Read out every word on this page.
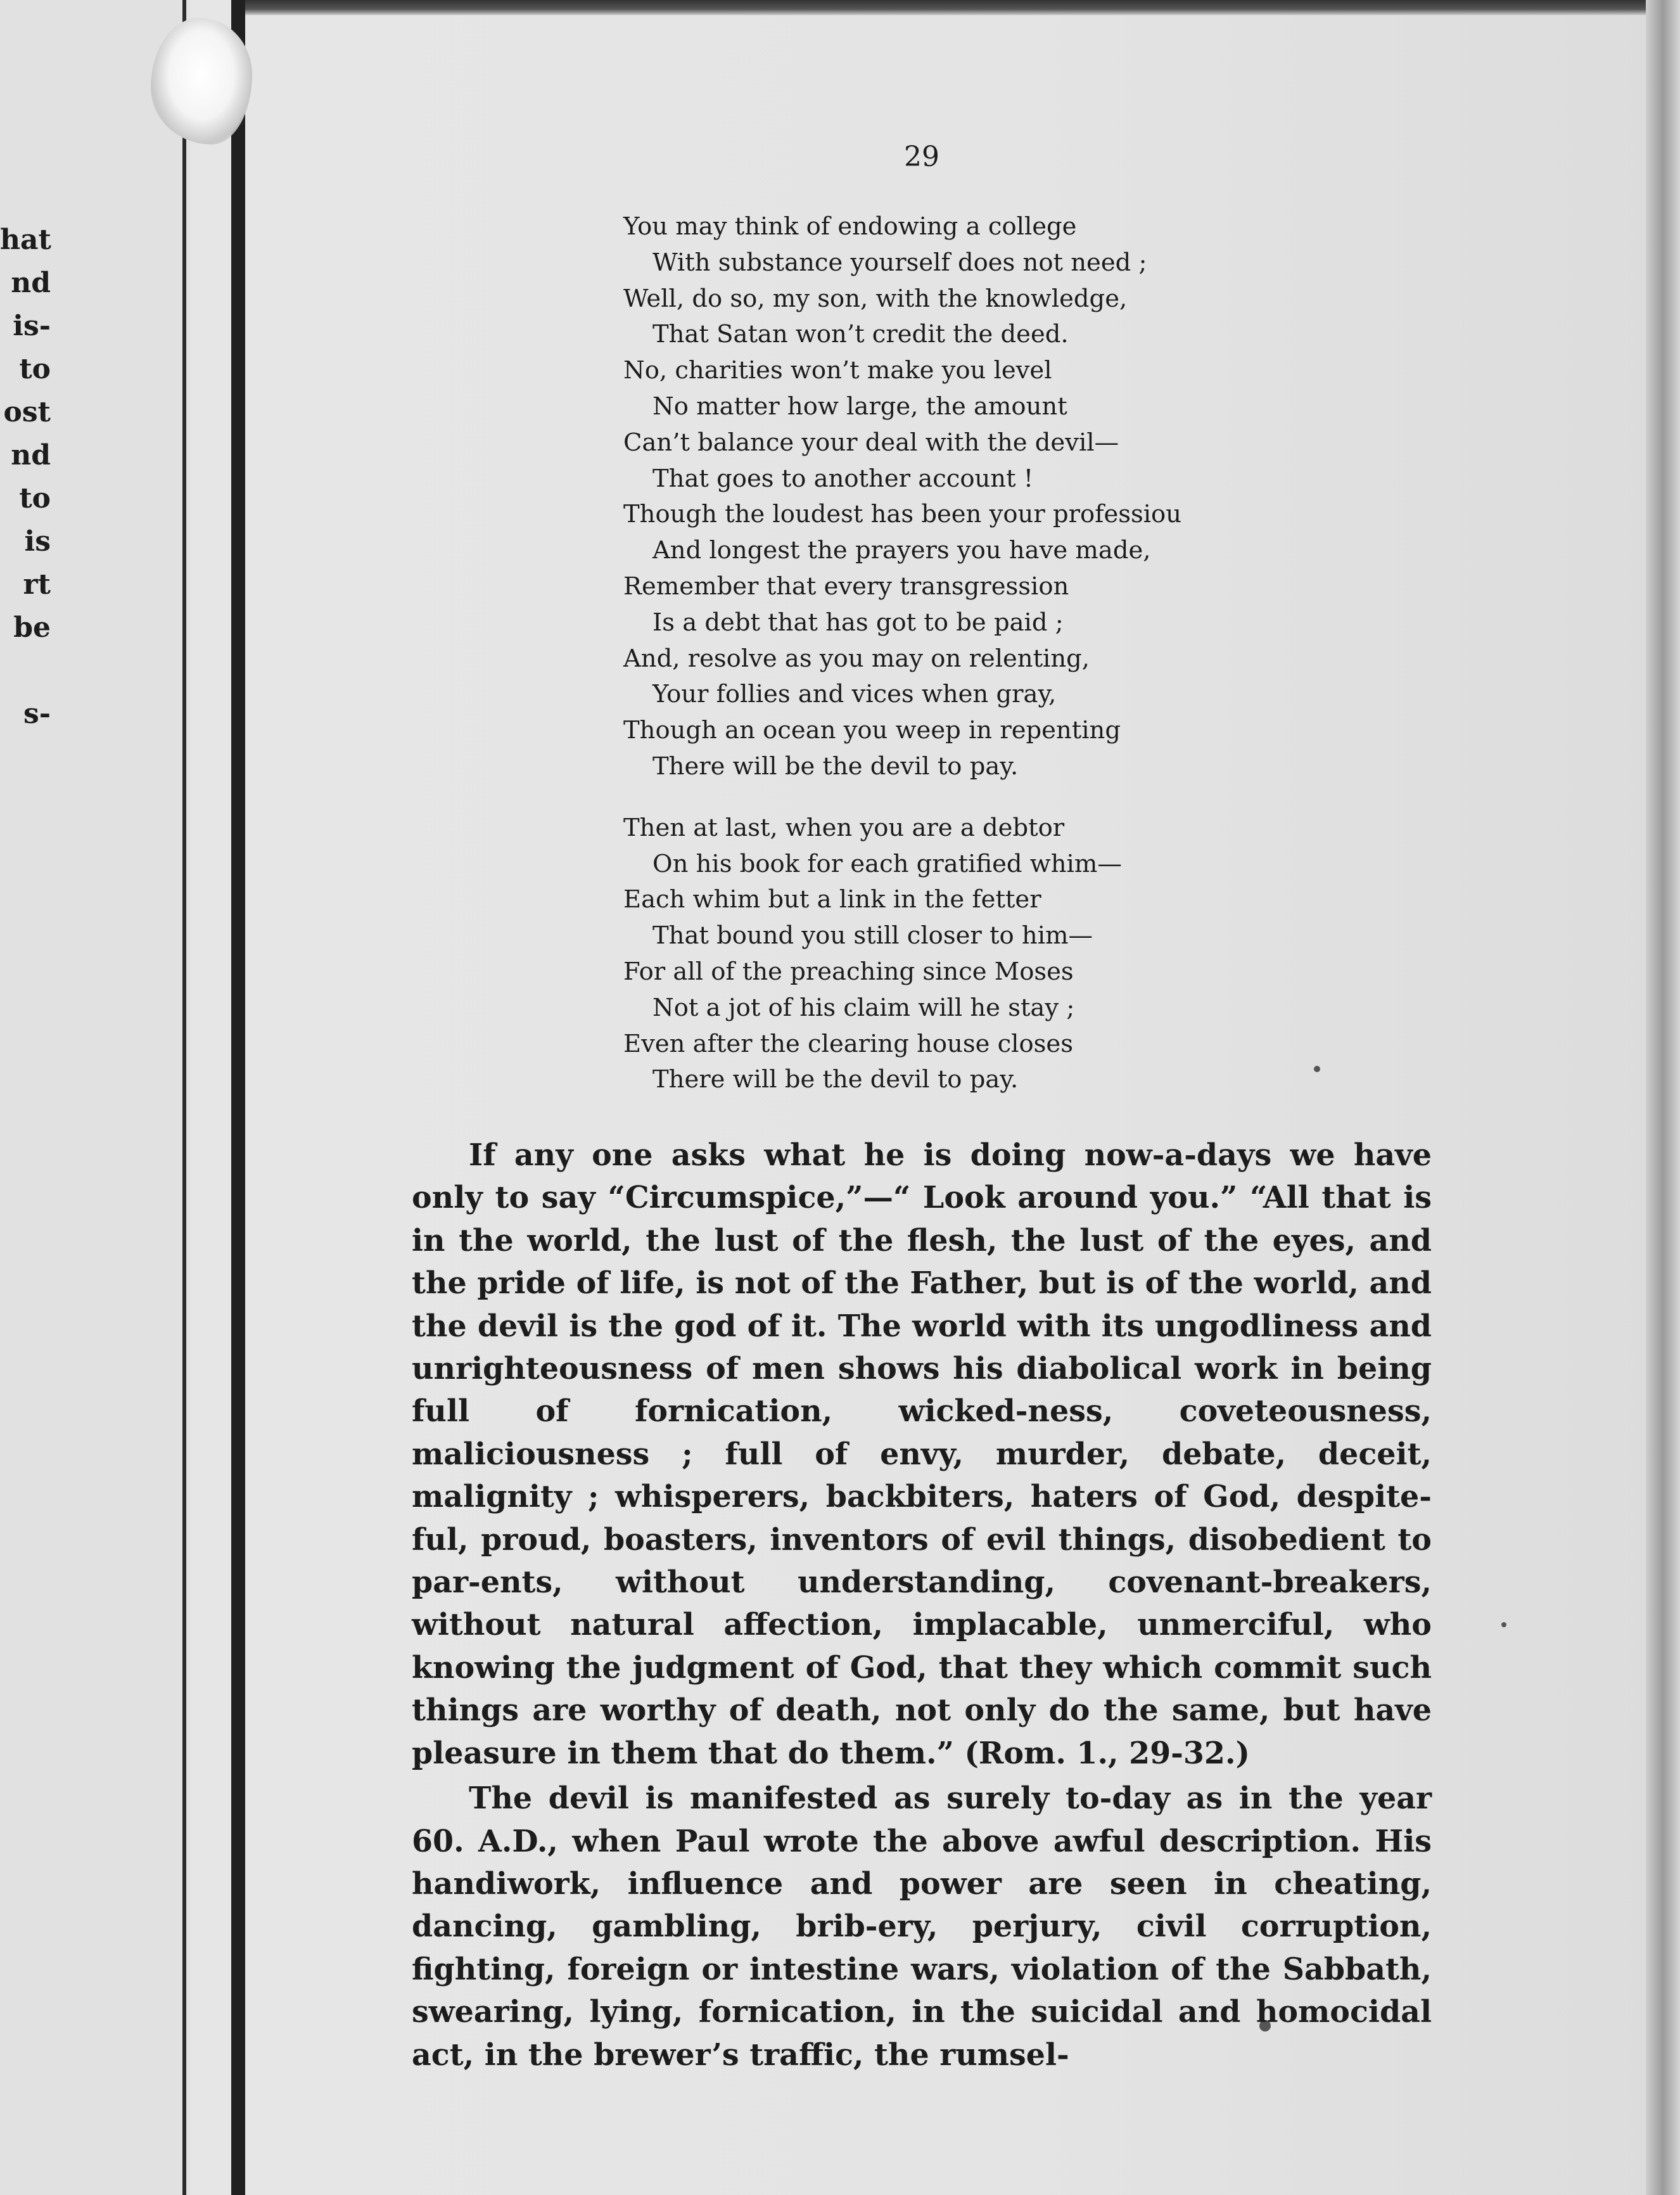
hat
nd
is-
to
ost
nd
to
is
rt
be
s-
29
You may think of endowing a college
With substance yourself does not need ;
Well, do so, my son, with the knowledge,
That Satan won’t credit the deed.
No, charities won’t make you level
No matter how large, the amount
Can’t balance your deal with the devil—
That goes to another account !
Though the loudest has been your professiou
And longest the prayers you have made,
Remember that every transgression
Is a debt that has got to be paid ;
And, resolve as you may on relenting,
Your follies and vices when gray,
Though an ocean you weep in repenting
There will be the devil to pay.
Then at last, when you are a debtor
On his book for each gratified whim—
Each whim but a link in the fetter
That bound you still closer to him—
For all of the preaching since Moses
Not a jot of his claim will he stay ;
Even after the clearing house closes
There will be the devil to pay.

If any one asks what he is doing now-a-days we have only to say “Circumspice,”—“ Look around you.” “All that is in the world, the lust of the flesh, the lust of the eyes, and the pride of life, is not of the Father, but is of the world, and the devil is the god of it. The world with its ungodliness and unrighteousness of men shows his diabolical work in being full of fornication, wicked-ness, coveteousness, maliciousness ; full of envy, murder, debate, deceit, malignity ; whisperers, backbiters, haters of God, despite-ful, proud, boasters, inventors of evil things, disobedient to par-ents, without understanding, covenant-breakers, without natural affection, implacable, unmerciful, who knowing the judgment of God, that they which commit such things are worthy of death, not only do the same, but have pleasure in them that do them.” (Rom. 1., 29-32.)

The devil is manifested as surely to-day as in the year 60. A.D., when Paul wrote the above awful description. His handiwork, influence and power are seen in cheating, dancing, gambling, brib-ery, perjury, civil corruption, fighting, foreign or intestine wars, violation of the Sabbath, swearing, lying, fornication, in the suicidal and homocidal act, in the brewer’s traffic, the rumsel-
